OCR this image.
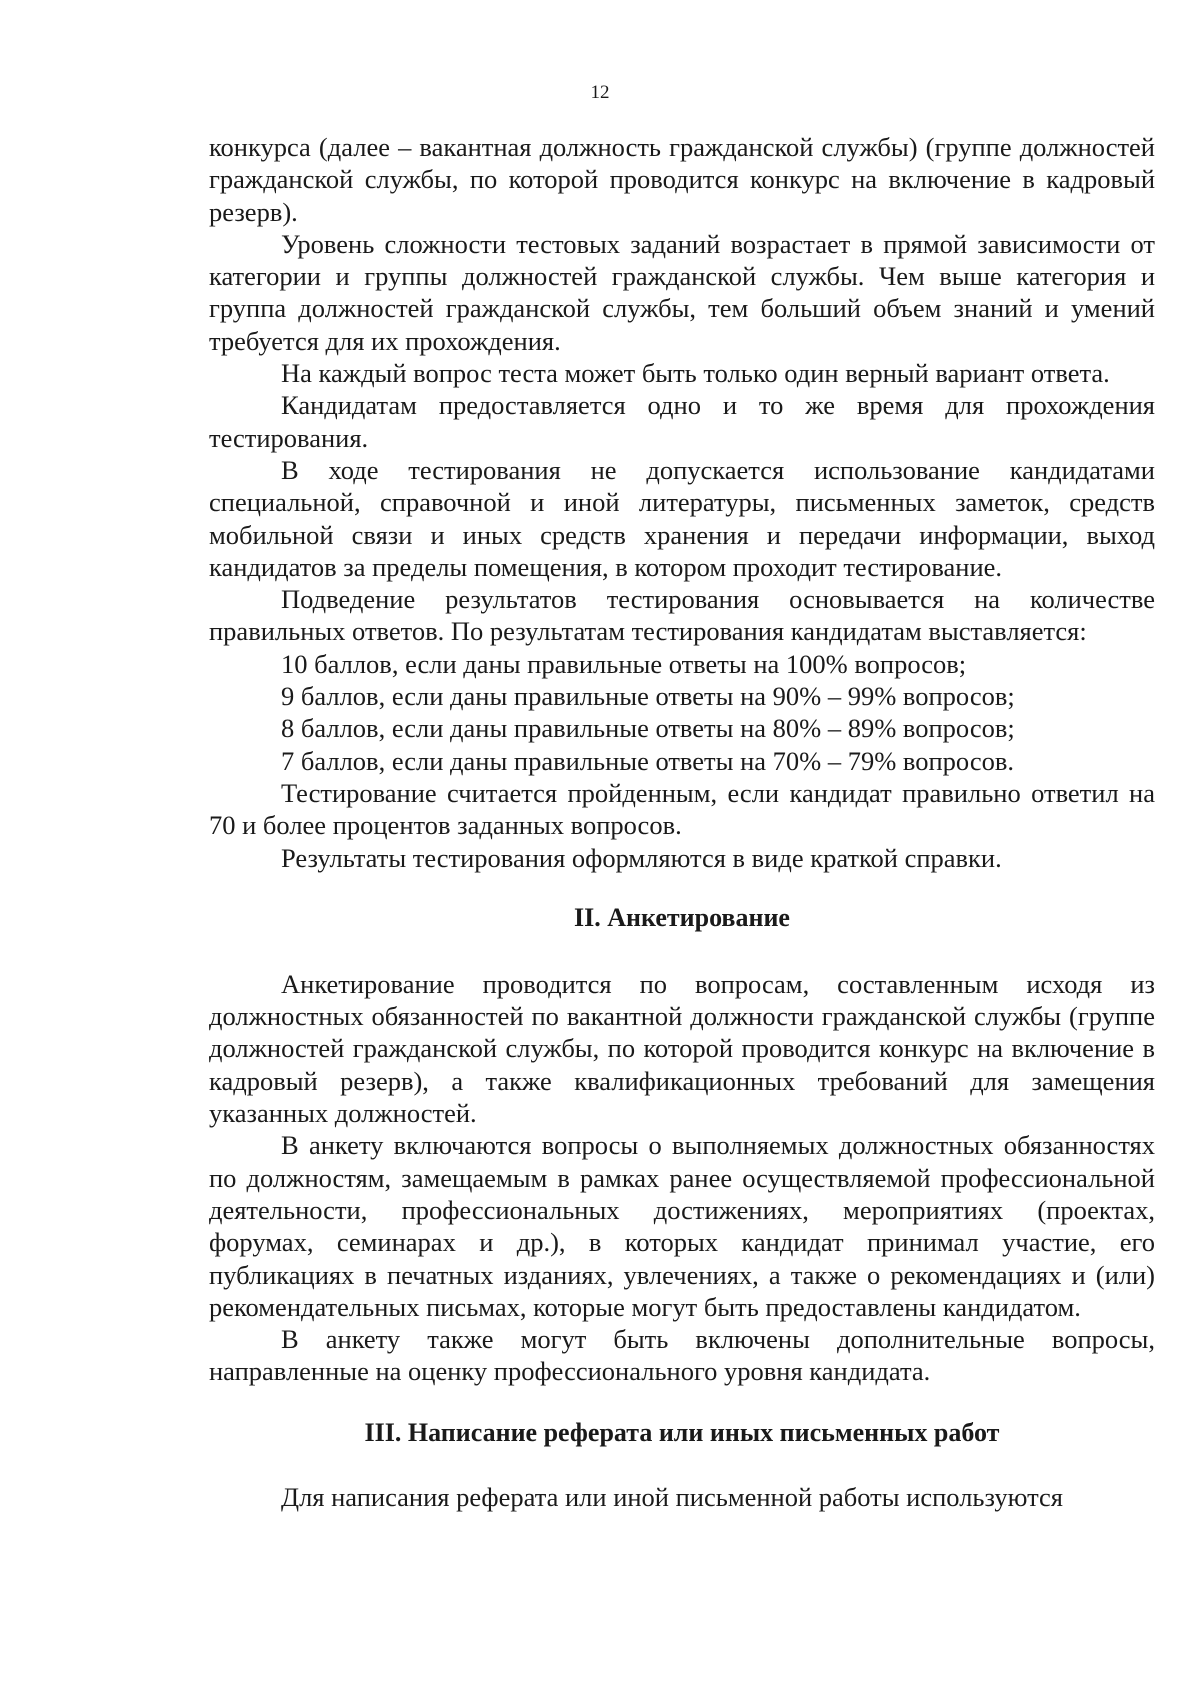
12

конкурса (далее – вакантная должность гражданской службы) (группе должностей гражданской службы, по которой проводится конкурс на включение в кадровый резерв).

Уровень сложности тестовых заданий возрастает в прямой зависимости от категории и группы должностей гражданской службы. Чем выше категория и группа должностей гражданской службы, тем больший объем знаний и умений требуется для их прохождения.

На каждый вопрос теста может быть только один верный вариант ответа.

Кандидатам предоставляется одно и то же время для прохождения тестирования.

В ходе тестирования не допускается использование кандидатами специальной, справочной и иной литературы, письменных заметок, средств мобильной связи и иных средств хранения и передачи информации, выход кандидатов за пределы помещения, в котором проходит тестирование.

Подведение результатов тестирования основывается на количестве правильных ответов. По результатам тестирования кандидатам выставляется:

10 баллов, если даны правильные ответы на 100% вопросов;

9 баллов, если даны правильные ответы на 90% – 99% вопросов;

8 баллов, если даны правильные ответы на 80% – 89% вопросов;

7 баллов, если даны правильные ответы на 70% – 79% вопросов.

Тестирование считается пройденным, если кандидат правильно ответил на 70 и более процентов заданных вопросов.

Результаты тестирования оформляются в виде краткой справки.

II. Анкетирование

Анкетирование проводится по вопросам, составленным исходя из должностных обязанностей по вакантной должности гражданской службы (группе должностей гражданской службы, по которой проводится конкурс на включение в кадровый резерв), а также квалификационных требований для замещения указанных должностей.

В анкету включаются вопросы о выполняемых должностных обязанностях по должностям, замещаемым в рамках ранее осуществляемой профессиональной деятельности, профессиональных достижениях, мероприятиях (проектах, форумах, семинарах и др.), в которых кандидат принимал участие, его публикациях в печатных изданиях, увлечениях, а также о рекомендациях и (или) рекомендательных письмах, которые могут быть предоставлены кандидатом.

В анкету также могут быть включены дополнительные вопросы, направленные на оценку профессионального уровня кандидата.

III. Написание реферата или иных письменных работ

Для написания реферата или иной письменной работы используются
